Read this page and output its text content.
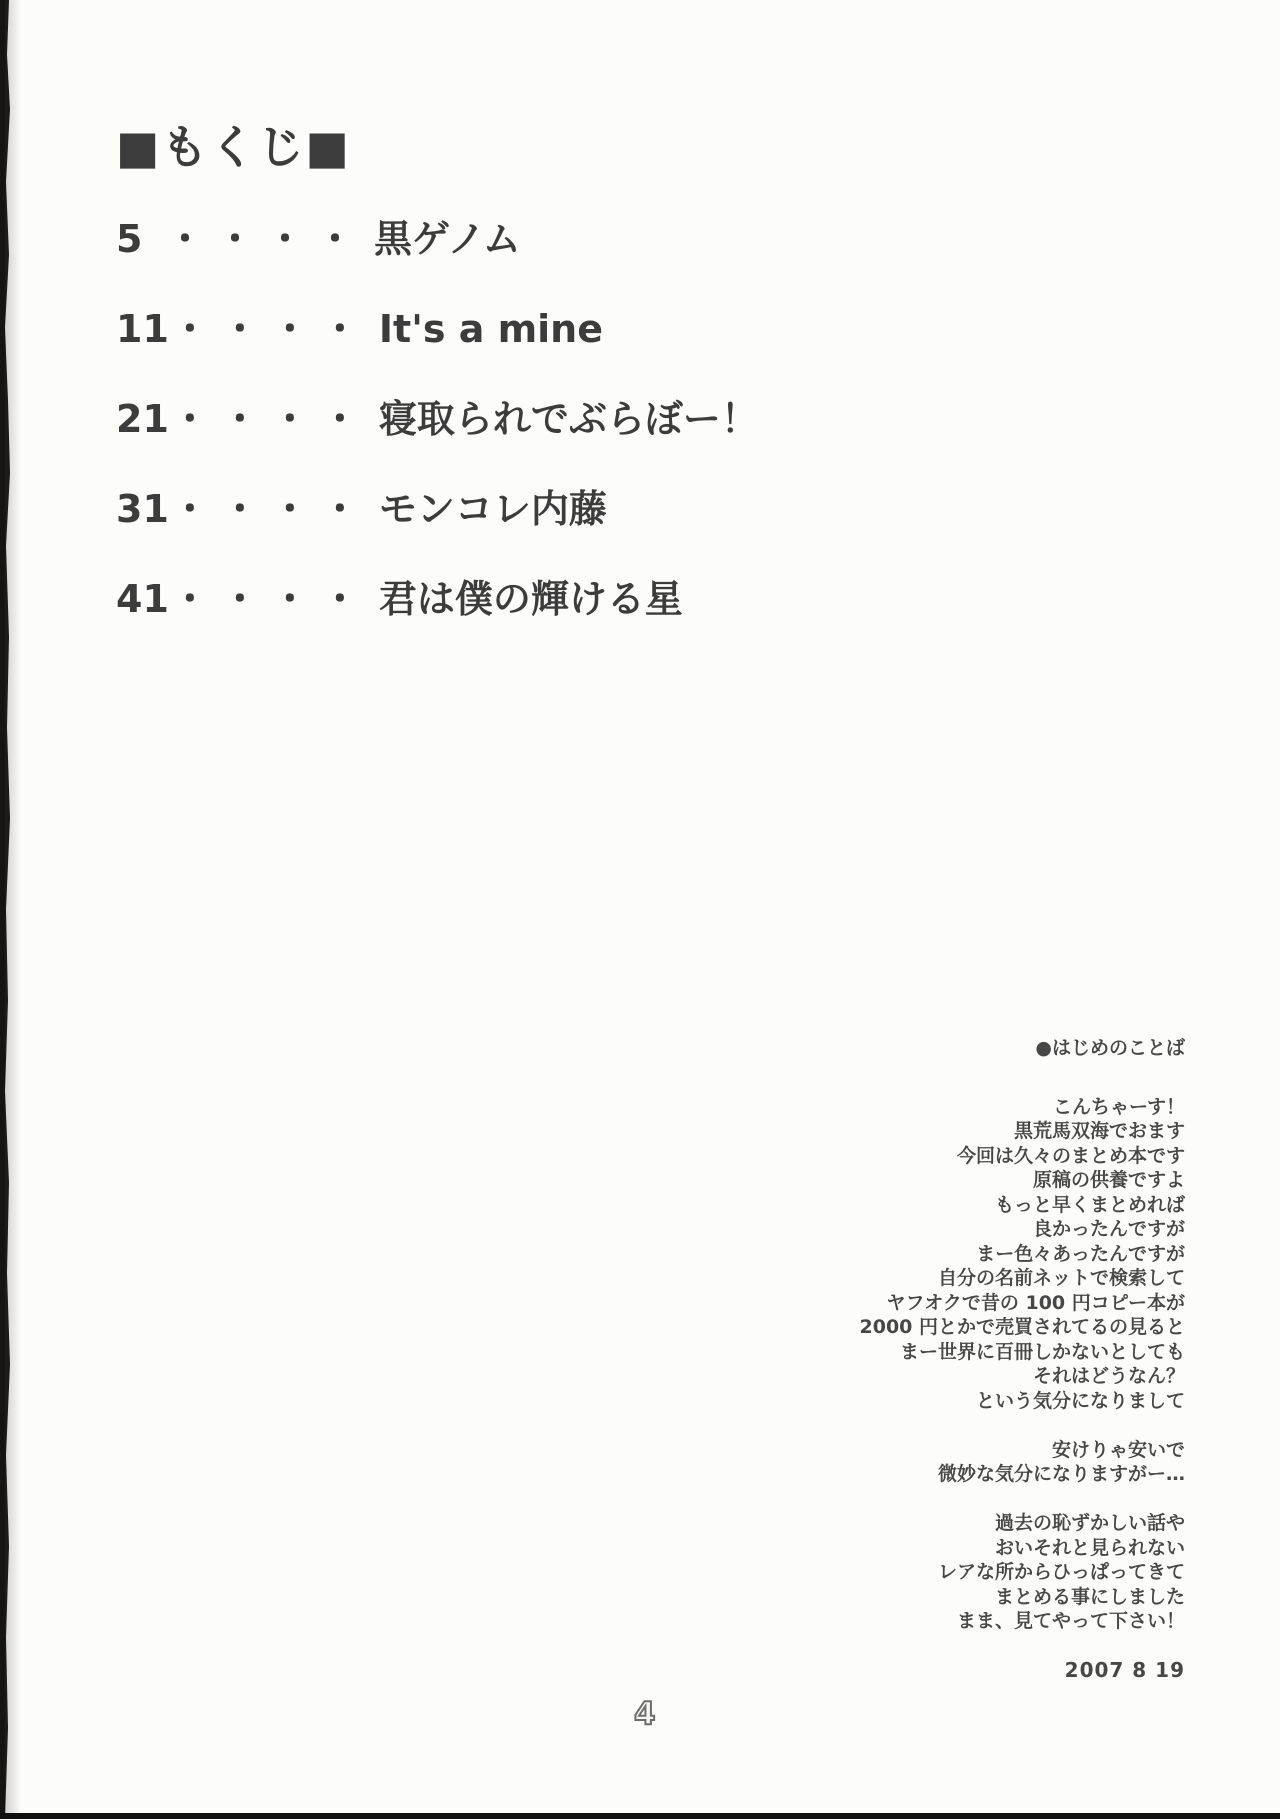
■もくじ■
5 ・・・・ 黒ゲノム
11・・・・ It's a mine
21・・・・ 寝取られでぶらぼー！
31・・・・ モンコレ内藤
41・・・・ 君は僕の輝ける星
●はじめのことば
こんちゃーす！
黒荒馬双海でおます
今回は久々のまとめ本です
原稿の供養ですよ
もっと早くまとめれば
良かったんですが
まー色々あったんですが
自分の名前ネットで検索して
ヤフオクで昔の 100 円コピー本が
2000 円とかで売買されてるの見ると
まー世界に百冊しかないとしても
それはどうなん？
という気分になりまして
安けりゃ安いで
微妙な気分になりますがー…
過去の恥ずかしい話や
おいそれと見られない
レアな所からひっぱってきて
まとめる事にしました
まま、見てやって下さい！
2007 8 19
4
